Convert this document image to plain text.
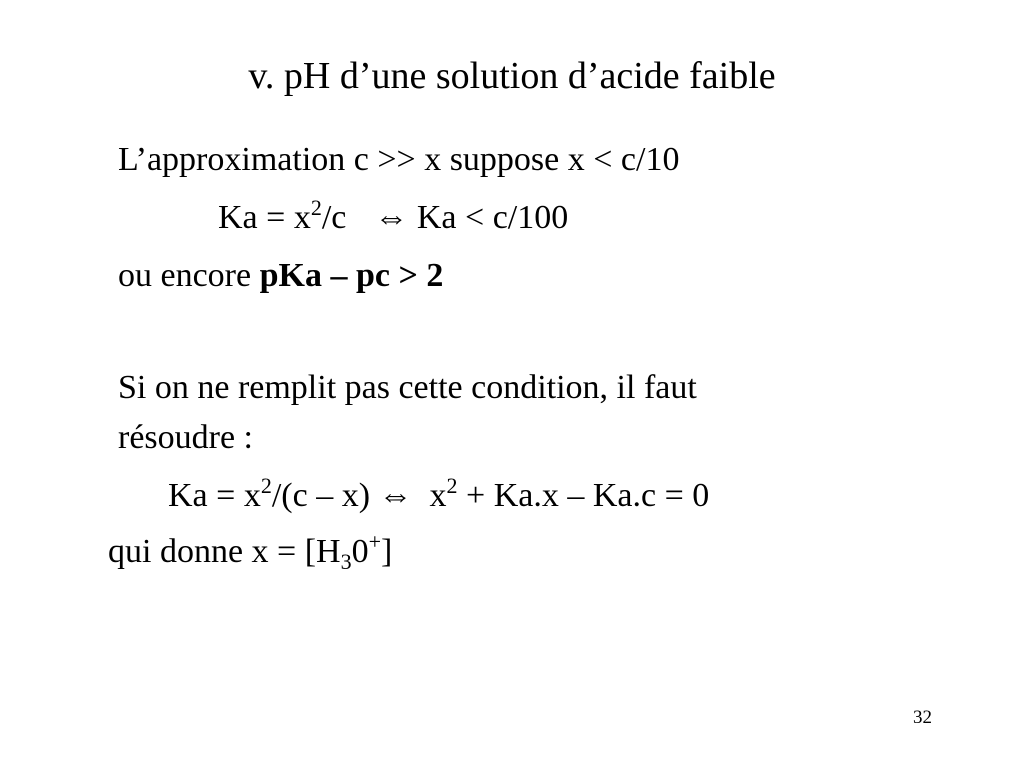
v. pH d’une solution d’acide faible
L’approximation c >> x suppose x < c/10
$Ka = x^2/c$ ⇔ Ka < c/100
ou encore pKa – pc > 2
Si on ne remplit pas cette condition, il faut
résoudre :
$Ka = x^2/(c - x)$ ⇔  $x^2 + Ka.x - Ka.c = 0$
qui donne $x = [H_30^+]$
32
